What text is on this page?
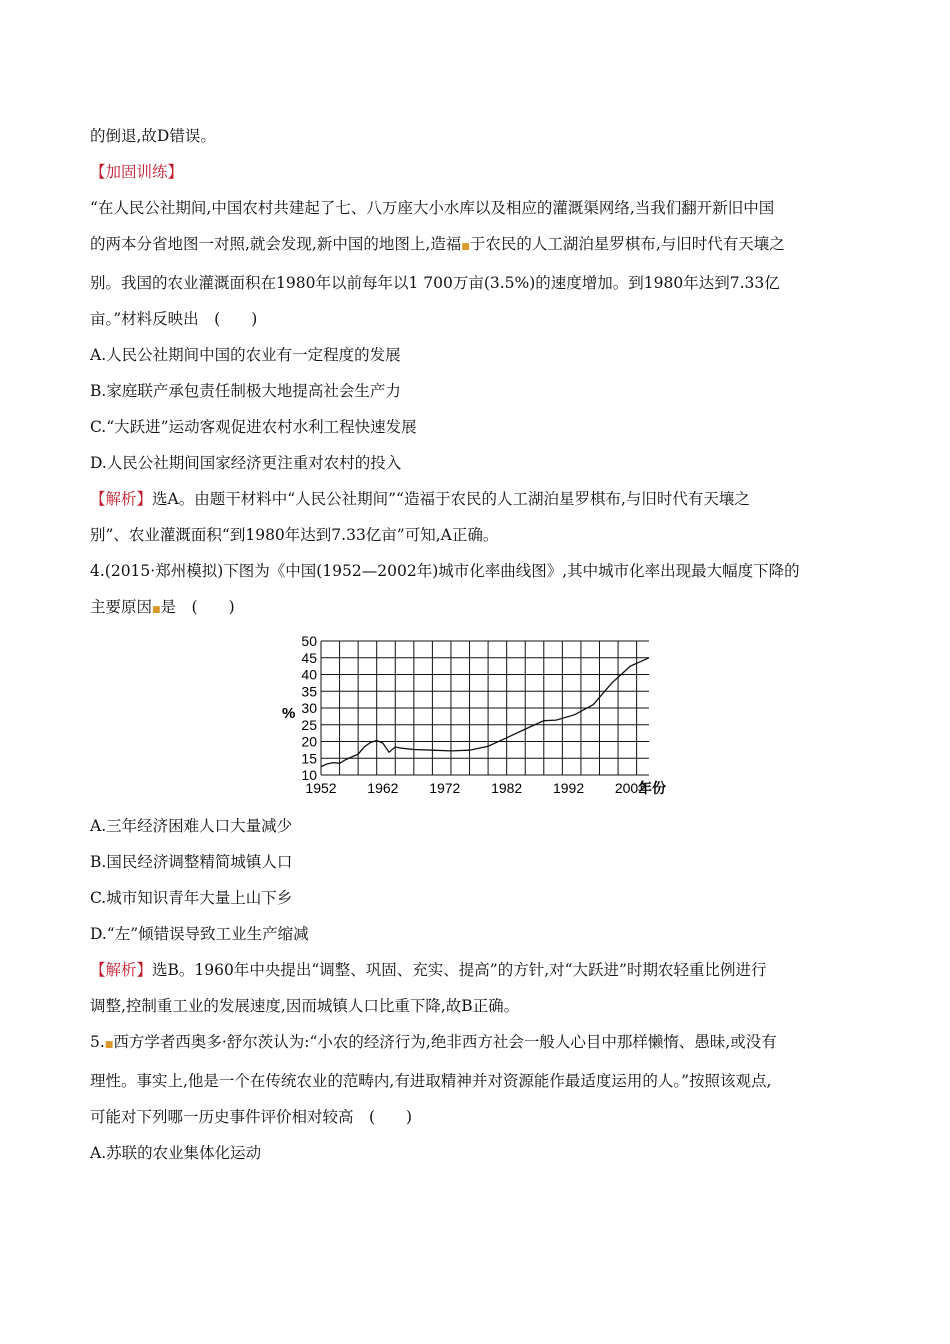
的倒退,故D错误。

【加固训练】

“在人民公社期间,中国农村共建起了七、八万座大小水库以及相应的灌溉渠网络,当我们翻开新旧中国

的两本分省地图一对照,就会发现,新中国的地图上,造福■于农民的人工湖泊星罗棋布,与旧时代有天壤之

别。我国的农业灌溉面积在1980年以前每年以1 700万亩(3.5%)的速度增加。到1980年达到7.33亿

亩。”材料反映出　(　　)

A.人民公社期间中国的农业有一定程度的发展

B.家庭联产承包责任制极大地提高社会生产力

C.“大跃进”运动客观促进农村水利工程快速发展

D.人民公社期间国家经济更注重对农村的投入

【解析】选A。由题干材料中“人民公社期间”“造福于农民的人工湖泊星罗棋布,与旧时代有天壤之

别”、农业灌溉面积“到1980年达到7.33亿亩”可知,A正确。

4.(2015·郑州模拟)下图为《中国(1952—2002年)城市化率曲线图》,其中城市化率出现最大幅度下降的

主要原因■是　(　　)

10
15
20
25
30
35
40
45
50
1952 1962 1972 1982 1992 2002
%
年份

A.三年经济困难人口大量减少

B.国民经济调整精简城镇人口

C.城市知识青年大量上山下乡

D.“左”倾错误导致工业生产缩减

【解析】选B。1960年中央提出“调整、巩固、充实、提高”的方针,对“大跃进”时期农轻重比例进行

调整,控制重工业的发展速度,因而城镇人口比重下降,故B正确。

5.■西方学者西奥多·舒尔茨认为:“小农的经济行为,绝非西方社会一般人心目中那样懒惰、愚昧,或没有

理性。事实上,他是一个在传统农业的范畴内,有进取精神并对资源能作最适度运用的人。”按照该观点,

可能对下列哪一历史事件评价相对较高　(　　)

A.苏联的农业集体化运动
